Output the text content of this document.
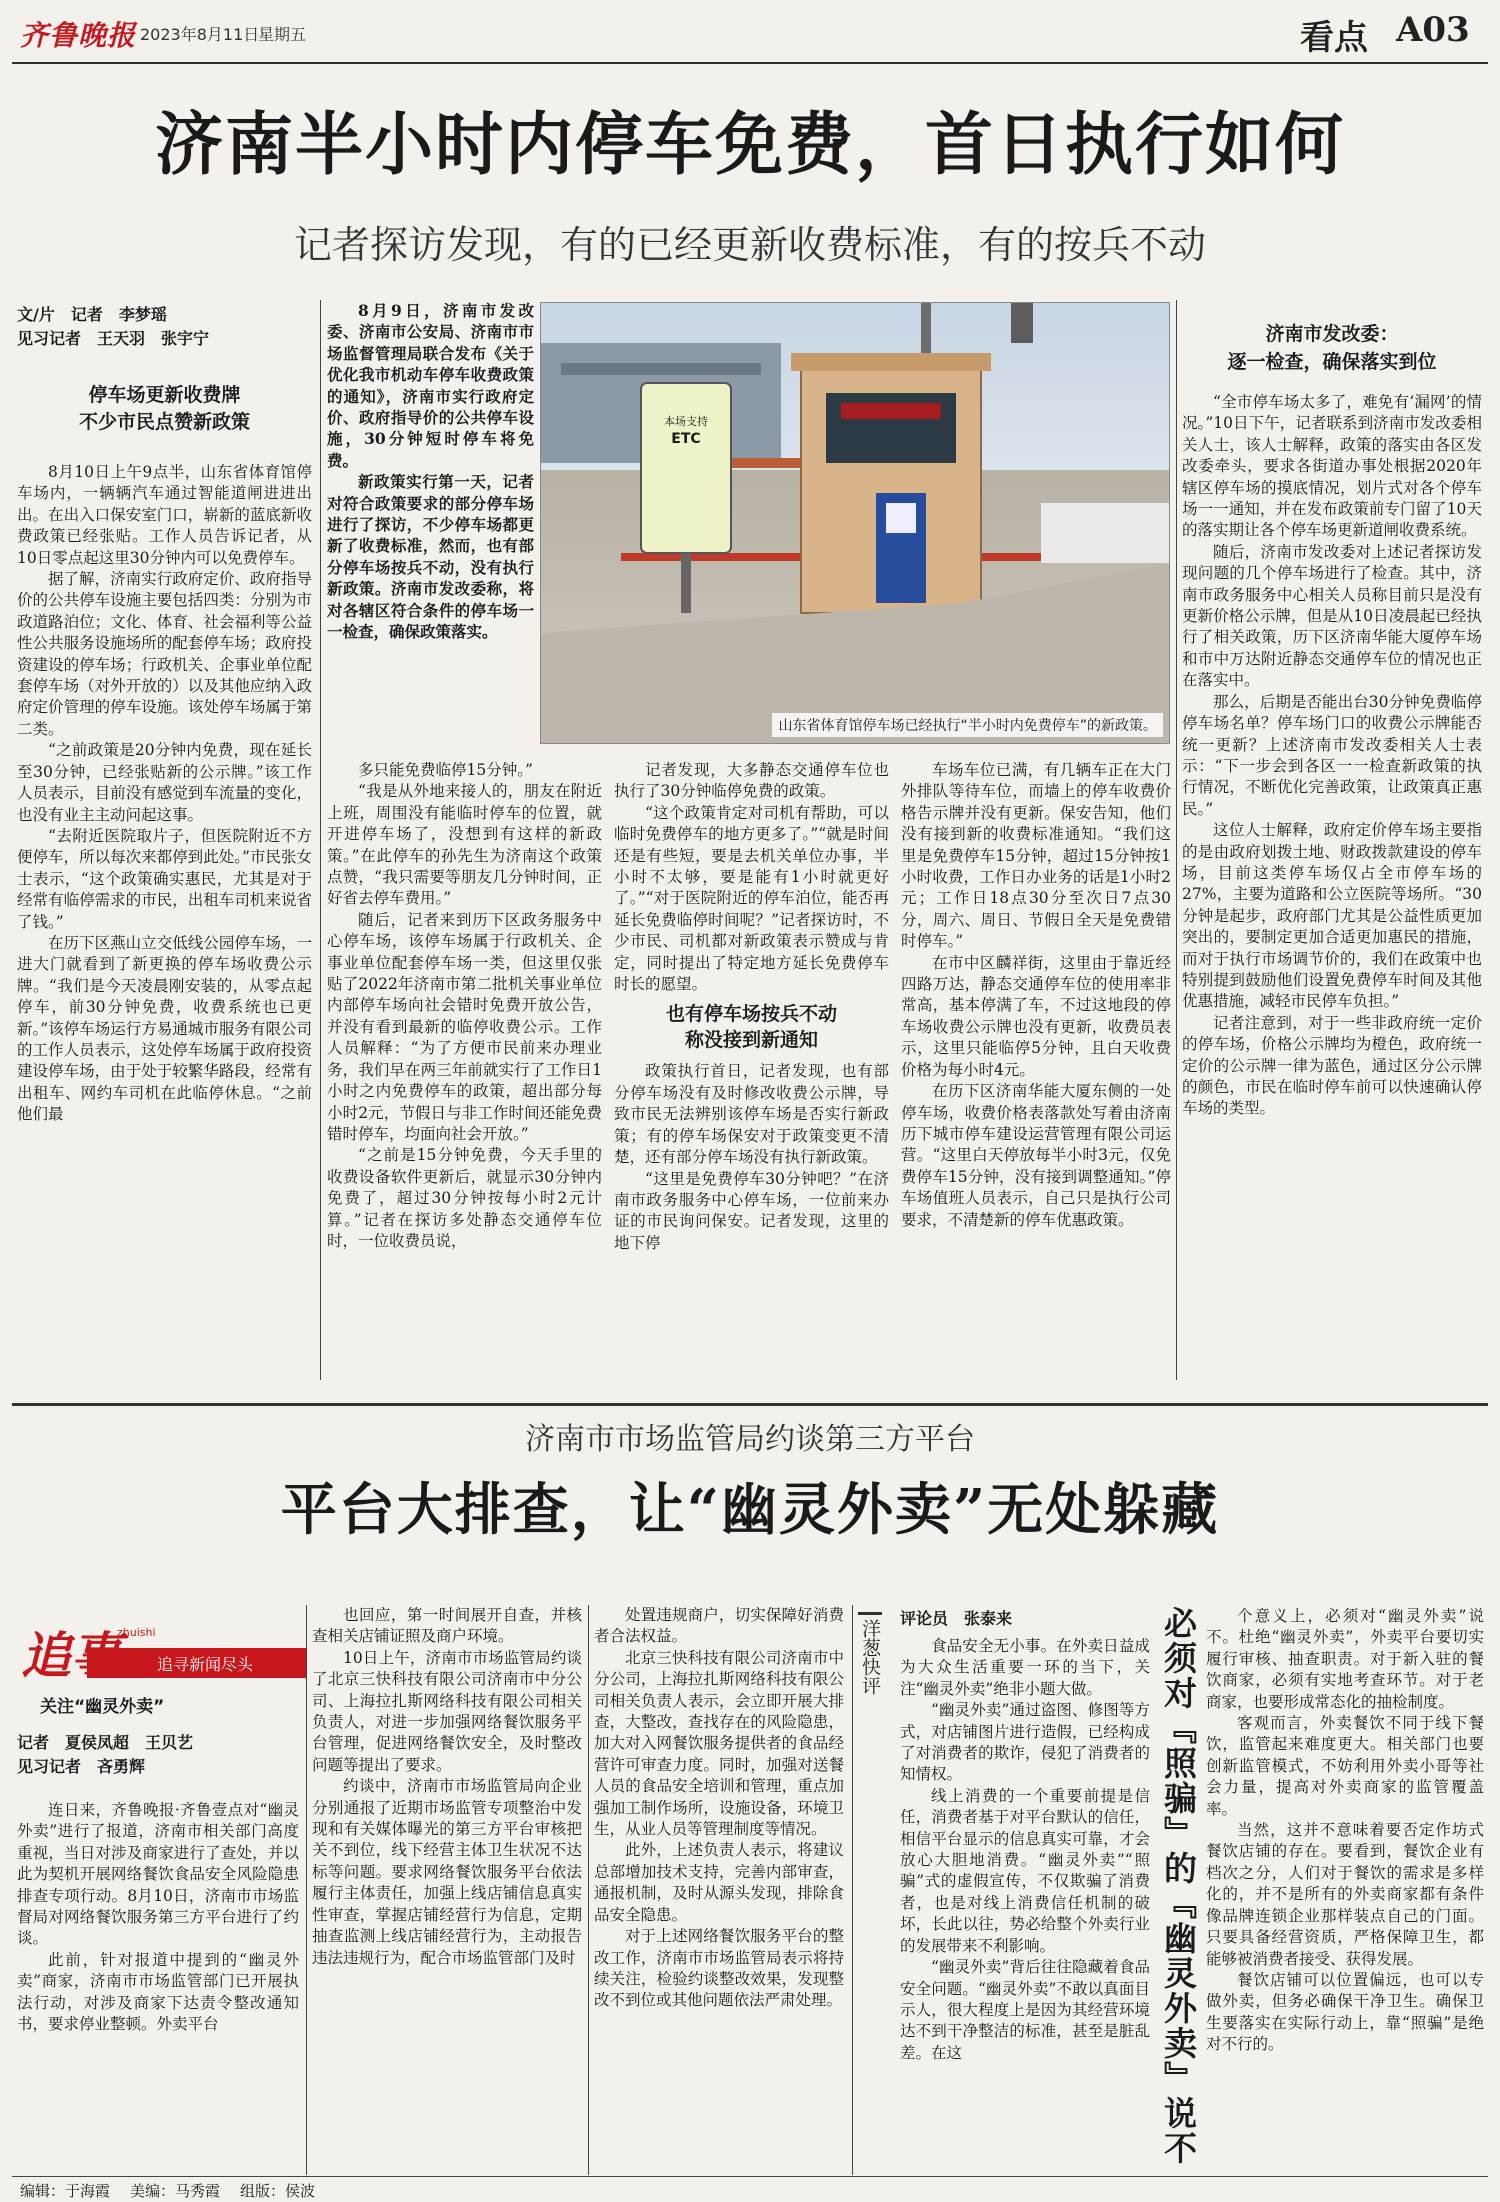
齐鲁晚报 2023年8月11日
星期五	看点 A03
济南半小时内停车免费，首日执行如何
记者探访发现，有的已经更新收费标准，有的按兵不动
文/片　记者　李梦瑶
见习记者　王天羽　张宇宁
停车场更新收费牌
不少市民点赞新政策

8月10日上午9点半，山东省体育馆停车场内，一辆辆汽车通过智能道闸进进出出。在出入口保安室门口，崭新的蓝底新收费政策已经张贴。工作人员告诉记者，从10日零点起这里30分钟内可以免费停车。

据了解，济南实行政府定价、政府指导价的公共停车设施主要包括四类：分别为市政道路泊位；文化、体育、社会福利等公益性公共服务设施场所的配套停车场；政府投资建设的停车场；行政机关、企事业单位配套停车场（对外开放的）以及其他应纳入政府定价管理的停车设施。该处停车场属于第二类。

“之前政策是20分钟内免费，现在延长至30分钟，已经张贴新的公示牌。”该工作人员表示，目前没有感觉到车流量的变化，也没有业主主动问起这事。

“去附近医院取片子，但医院附近不方便停车，所以每次来都停到此处。”市民张女士表示，“这个政策确实惠民，尤其是对于经常有临停需求的市民，出租车司机来说省了钱。”

在历下区燕山立交低线公园停车场，一进大门就看到了新更换的停车场收费公示牌。“我们是今天凌晨刚安装的，从零点起停车，前30分钟免费，收费系统也已更新。”该停车场运行方易通城市服务有限公司的工作人员表示，这处停车场属于政府投资建设停车场，由于处于较繁华路段，经常有出租车、网约车司机在此临停休息。“之前他们最

8月9日，济南市发改委、济南市公安局、济南市市场监督管理局联合发布《关于优化我市机动车停车收费政策的通知》，济南市实行政府定价、政府指导价的公共停车设施，30分钟短时停车将免费。

新政策实行第一天，记者对符合政策要求的部分停车场进行了探访，不少停车场都更新了收费标准，然而，也有部分停车场按兵不动，没有执行新政策。济南市发改委称，将对各辖区符合条件的停车场一一检查，确保政策落实。

本场支持
ETC
山东省体育馆停车场已经执行“半小时内免费停车”的新政策。

多只能免费临停15分钟。”

“我是从外地来接人的，朋友在附近上班，周围没有能临时停车的位置，就开进停车场了，没想到有这样的新政策。”在此停车的孙先生为济南这个政策点赞，“我只需要等朋友几分钟时间，正好省去停车费用。”

随后，记者来到历下区政务服务中心停车场，该停车场属于行政机关、企事业单位配套停车场一类，但这里仅张贴了2022年济南市第二批机关事业单位内部停车场向社会错时免费开放公告，并没有看到最新的临停收费公示。工作人员解释：“为了方便市民前来办理业务，我们早在两三年前就实行了工作日1小时之内免费停车的政策，超出部分每小时2元，节假日与非工作时间还能免费错时停车，均面向社会开放。”

“之前是15分钟免费，今天手里的收费设备软件更新后，就显示30分钟内免费了，超过30分钟按每小时2元计算。”记者在探访多处静态交通停车位时，一位收费员说，

记者发现，大多静态交通停车位也执行了30分钟临停免费的政策。

“这个政策肯定对司机有帮助，可以临时免费停车的地方更多了。”“就是时间还是有些短，要是去机关单位办事，半小时不太够，要是能有1小时就更好了。”“对于医院附近的停车泊位，能否再延长免费临停时间呢？”记者探访时，不少市民、司机都对新政策表示赞成与肯定，同时提出了特定地方延长免费停车时长的愿望。

也有停车场按兵不动
称没接到新通知

政策执行首日，记者发现，也有部分停车场没有及时修改收费公示牌，导致市民无法辨别该停车场是否实行新政策；有的停车场保安对于政策变更不清楚，还有部分停车场没有执行新政策。

“这里是免费停车30分钟吧？”在济南市政务服务中心停车场，一位前来办证的市民询问保安。记者发现，这里的地下停

车场车位已满，有几辆车正在大门外排队等待车位，而墙上的停车收费价格告示牌并没有更新。保安告知，他们没有接到新的收费标准通知。“我们这里是免费停车15分钟，超过15分钟按1小时收费，工作日办业务的话是1小时2元；工作日18点30分至次日7点30分，周六、周日、节假日全天是免费错时停车。”

在市中区麟祥街，这里由于靠近经四路万达，静态交通停车位的使用率非常高，基本停满了车，不过这地段的停车场收费公示牌也没有更新，收费员表示，这里只能临停5分钟，且白天收费价格为每小时4元。

在历下区济南华能大厦东侧的一处停车场，收费价格表落款处写着由济南历下城市停车建设运营管理有限公司运营。“这里白天停放每半小时3元，仅免费停车15分钟，没有接到调整通知。”停车场值班人员表示，自己只是执行公司要求，不清楚新的停车优惠政策。

济南市发改委：
逐一检查，确保落实到位

“全市停车场太多了，难免有‘漏网’的情况。”10日下午，记者联系到济南市发改委相关人士，该人士解释，政策的落实由各区发改委牵头，要求各街道办事处根据2020年辖区停车场的摸底情况，划片式对各个停车场一一通知，并在发布政策前专门留了10天的落实期让各个停车场更新道闸收费系统。

随后，济南市发改委对上述记者探访发现问题的几个停车场进行了检查。其中，济南市政务服务中心相关人员称目前只是没有更新价格公示牌，但是从10日凌晨起已经执行了相关政策，历下区济南华能大厦停车场和市中万达附近静态交通停车位的情况也正在落实中。

那么，后期是否能出台30分钟免费临停停车场名单？停车场门口的收费公示牌能否统一更新？上述济南市发改委相关人士表示：“下一步会到各区一一检查新政策的执行情况，不断优化完善政策，让政策真正惠民。”

这位人士解释，政府定价停车场主要指的是由政府划拨土地、财政拨款建设的停车场，目前这类停车场仅占全市停车场的27%，主要为道路和公立医院等场所。“30分钟是起步，政府部门尤其是公益性质更加突出的，要制定更加合适更加惠民的措施，而对于执行市场调节价的，我们在政策中也特别提到鼓励他们设置免费停车时间及其他优惠措施，减轻市民停车负担。”

记者注意到，对于一些非政府统一定价的停车场，价格公示牌均为橙色，政府统一定价的公示牌一律为蓝色，通过区分公示牌的颜色，市民在临时停车前可以快速确认停车场的类型。

济南市市场监管局约谈第三方平台
平台大排查，让“幽灵外卖”无处躲藏
追事
zhuishi
追寻新闻尽头
关注“幽灵外卖”
记者　夏侯凤超　王贝艺
见习记者　吝勇辉

连日来，齐鲁晚报·齐鲁壹点对“幽灵外卖”进行了报道，济南市相关部门高度重视，当日对涉及商家进行了查处，并以此为契机开展网络餐饮食品安全风险隐患排查专项行动。8月10日，济南市市场监督局对网络餐饮服务第三方平台进行了约谈。

此前，针对报道中提到的“幽灵外卖”商家，济南市市场监管部门已开展执法行动，对涉及商家下达责令整改通知书，要求停业整顿。外卖平台

也回应，第一时间展开自查，并核查相关店铺证照及商户环境。

10日上午，济南市市场监管局约谈了北京三快科技有限公司济南市中分公司、上海拉扎斯网络科技有限公司相关负责人，对进一步加强网络餐饮服务平台管理，促进网络餐饮安全，及时整改问题等提出了要求。

约谈中，济南市市场监管局向企业分别通报了近期市场监管专项整治中发现和有关媒体曝光的第三方平台审核把关不到位，线下经营主体卫生状况不达标等问题。要求网络餐饮服务平台依法履行主体责任，加强上线店铺信息真实性审查，掌握店铺经营行为信息，定期抽查监测上线店铺经营行为，主动报告违法违规行为，配合市场监管部门及时

处置违规商户，切实保障好消费者合法权益。

北京三快科技有限公司济南市中分公司，上海拉扎斯网络科技有限公司相关负责人表示，会立即开展大排查，大整改，查找存在的风险隐患，加大对入网餐饮服务提供者的食品经营许可审查力度。同时，加强对送餐人员的食品安全培训和管理，重点加强加工制作场所，设施设备，环境卫生，从业人员等管理制度等情况。

此外，上述负责人表示，将建议总部增加技术支持，完善内部审查，通报机制，及时从源头发现，排除食品安全隐患。

对于上述网络餐饮服务平台的整改工作，济南市市场监管局表示将持续关注，检验约谈整改效果，发现整改不到位或其他问题依法严肃处理。

洋葱快评
评论员　张泰来

食品安全无小事。在外卖日益成为大众生活重要一环的当下，关注“幽灵外卖”绝非小题大做。

“幽灵外卖”通过盗图、修图等方式，对店铺图片进行造假，已经构成了对消费者的欺诈，侵犯了消费者的知情权。

线上消费的一个重要前提是信任，消费者基于对平台默认的信任，相信平台显示的信息真实可靠，才会放心大胆地消费。“幽灵外卖”“照骗”式的虚假宣传，不仅欺骗了消费者，也是对线上消费信任机制的破坏，长此以往，势必给整个外卖行业的发展带来不利影响。

“幽灵外卖”背后往往隐藏着食品安全问题。“幽灵外卖”不敢以真面目示人，很大程度上是因为其经营环境达不到干净整洁的标准，甚至是脏乱差。在这	必须对『照骗』的『幽灵外卖』说不	个意义上，必须对“幽灵外卖”说不。杜绝“幽灵外卖”，外卖平台要切实履行审核、抽查职责。对于新入驻的餐饮商家，必须有实地考查环节。对于老商家，也要形成常态化的抽检制度。

客观而言，外卖餐饮不同于线下餐饮，监管起来难度更大。相关部门也要创新监管模式，不妨利用外卖小哥等社会力量，提高对外卖商家的监管覆盖率。

当然，这并不意味着要否定作坊式餐饮店铺的存在。要看到，餐饮企业有档次之分，人们对于餐饮的需求是多样化的，并不是所有的外卖商家都有条件像品牌连锁企业那样装点自己的门面。只要具备经营资质，严格保障卫生，都能够被消费者接受、获得发展。

餐饮店铺可以位置偏远，也可以专做外卖，但务必确保干净卫生。确保卫生要落实在实际行动上，靠“照骗”是绝对不行的。

编辑：于海霞 美编：马秀霞 组版：侯波
